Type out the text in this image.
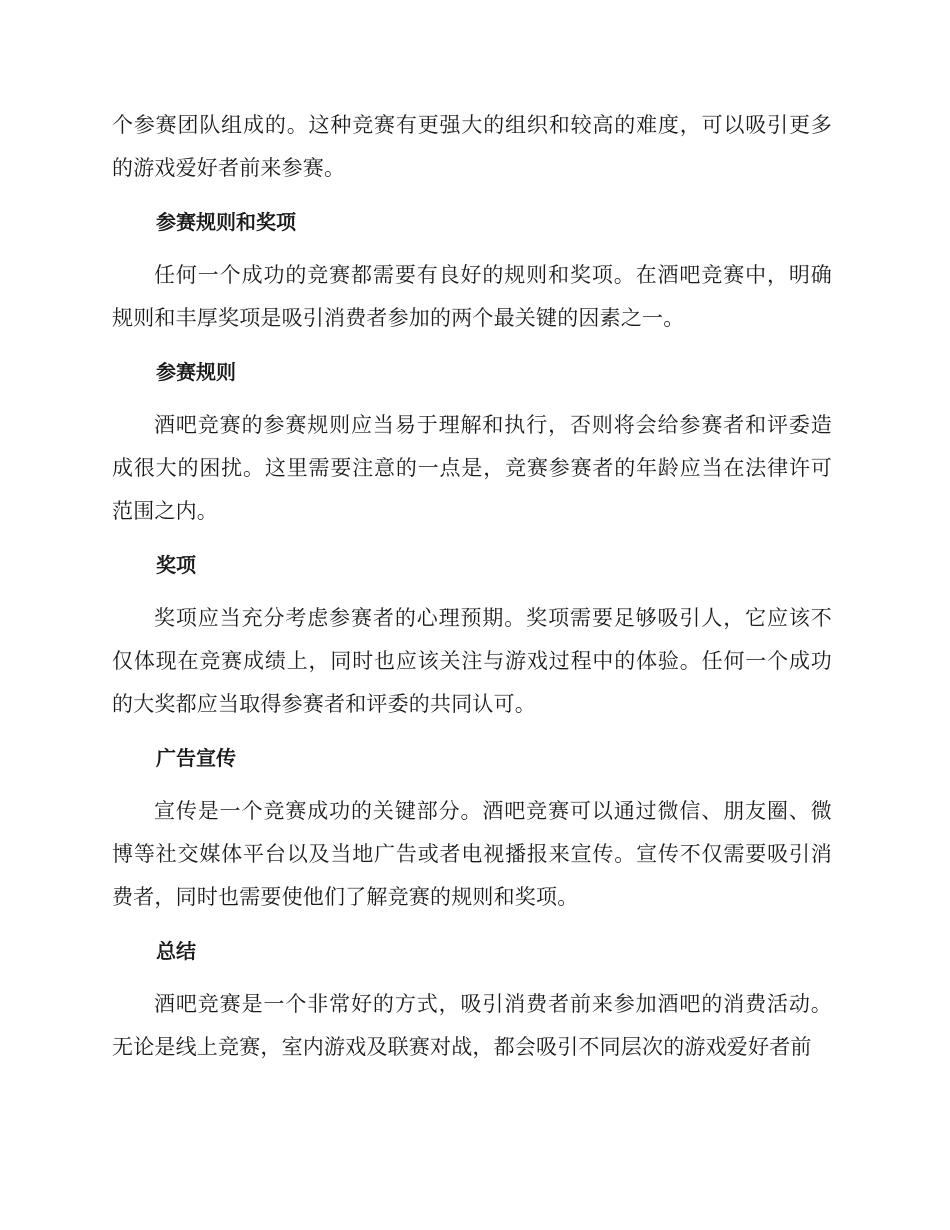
个参赛团队组成的。这种竞赛有更强大的组织和较高的难度，可以吸引更多的游戏爱好者前来参赛。

参赛规则和奖项

任何一个成功的竞赛都需要有良好的规则和奖项。在酒吧竞赛中，明确规则和丰厚奖项是吸引消费者参加的两个最关键的因素之一。

参赛规则

酒吧竞赛的参赛规则应当易于理解和执行，否则将会给参赛者和评委造成很大的困扰。这里需要注意的一点是，竞赛参赛者的年龄应当在法律许可范围之内。

奖项

奖项应当充分考虑参赛者的心理预期。奖项需要足够吸引人，它应该不仅体现在竞赛成绩上，同时也应该关注与游戏过程中的体验。任何一个成功的大奖都应当取得参赛者和评委的共同认可。

广告宣传

宣传是一个竞赛成功的关键部分。酒吧竞赛可以通过微信、朋友圈、微博等社交媒体平台以及当地广告或者电视播报来宣传。宣传不仅需要吸引消费者，同时也需要使他们了解竞赛的规则和奖项。

总结

酒吧竞赛是一个非常好的方式，吸引消费者前来参加酒吧的消费活动。无论是线上竞赛，室内游戏及联赛对战，都会吸引不同层次的游戏爱好者前
